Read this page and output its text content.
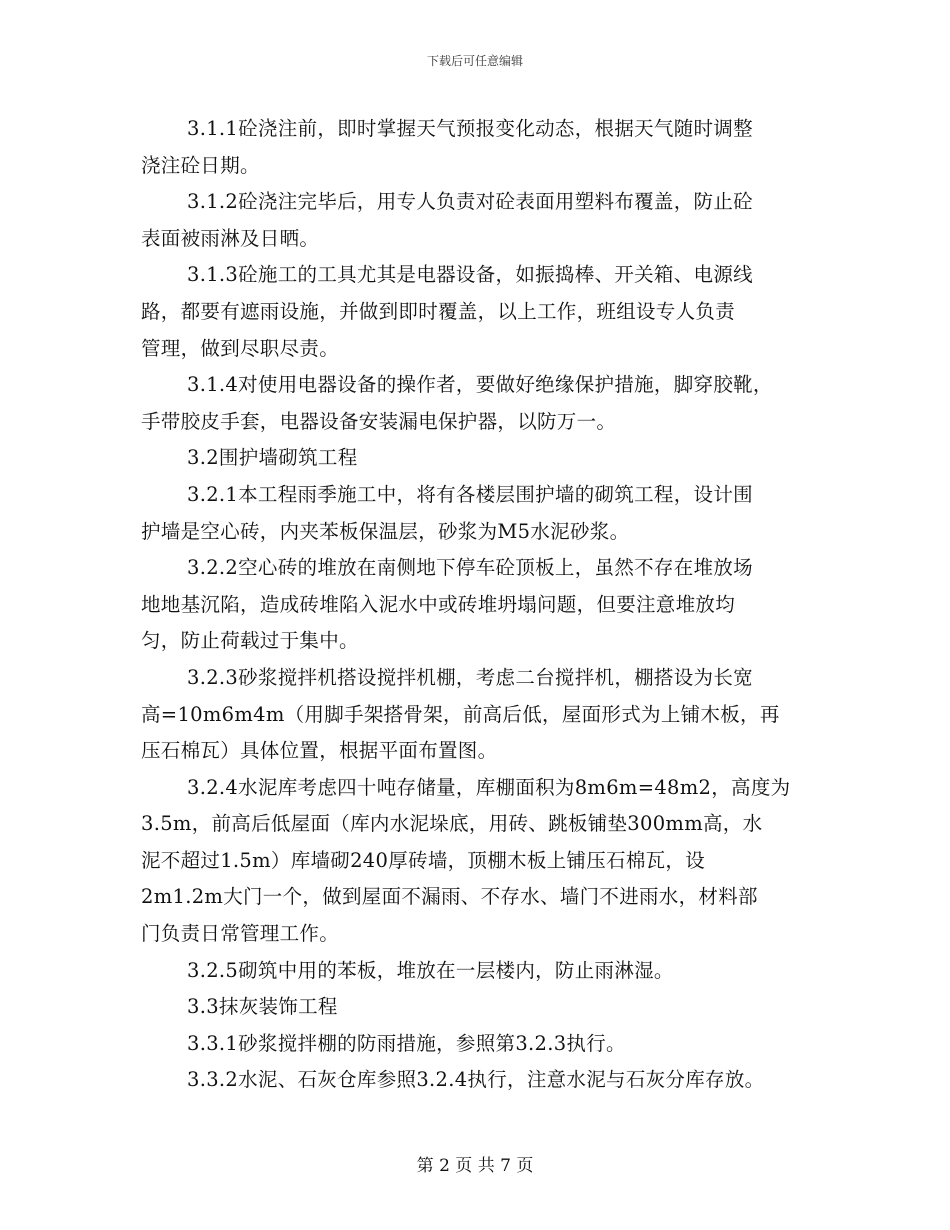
下载后可任意编辑
3.1.1砼浇注前，即时掌握天气预报变化动态，根据天气随时调整
浇注砼日期。
3.1.2砼浇注完毕后，用专人负责对砼表面用塑料布覆盖，防止砼
表面被雨淋及日晒。
3.1.3砼施工的工具尤其是电器设备，如振捣棒、开关箱、电源线
路，都要有遮雨设施，并做到即时覆盖，以上工作，班组设专人负责
管理，做到尽职尽责。
3.1.4对使用电器设备的操作者，要做好绝缘保护措施，脚穿胶靴，
手带胶皮手套，电器设备安装漏电保护器，以防万一。
3.2围护墙砌筑工程
3.2.1本工程雨季施工中，将有各楼层围护墙的砌筑工程，设计围
护墙是空心砖，内夹苯板保温层，砂浆为M5水泥砂浆。
3.2.2空心砖的堆放在南侧地下停车砼顶板上，虽然不存在堆放场
地地基沉陷，造成砖堆陷入泥水中或砖堆坍塌问题，但要注意堆放均
匀，防止荷载过于集中。
3.2.3砂浆搅拌机搭设搅拌机棚，考虑二台搅拌机，棚搭设为长宽
高=10m6m4m（用脚手架搭骨架，前高后低，屋面形式为上铺木板，再
压石棉瓦）具体位置，根据平面布置图。
3.2.4水泥库考虑四十吨存储量，库棚面积为8m6m=48m2，高度为
3.5m，前高后低屋面（库内水泥垛底，用砖、跳板铺垫300mm高，水
泥不超过1.5m）库墙砌240厚砖墙，顶棚木板上铺压石棉瓦，设
2m1.2m大门一个，做到屋面不漏雨、不存水、墙门不进雨水，材料部
门负责日常管理工作。
3.2.5砌筑中用的苯板，堆放在一层楼内，防止雨淋湿。
3.3抹灰装饰工程
3.3.1砂浆搅拌棚的防雨措施，参照第3.2.3执行。
3.3.2水泥、石灰仓库参照3.2.4执行，注意水泥与石灰分库存放。
第 2 页 共 7 页
